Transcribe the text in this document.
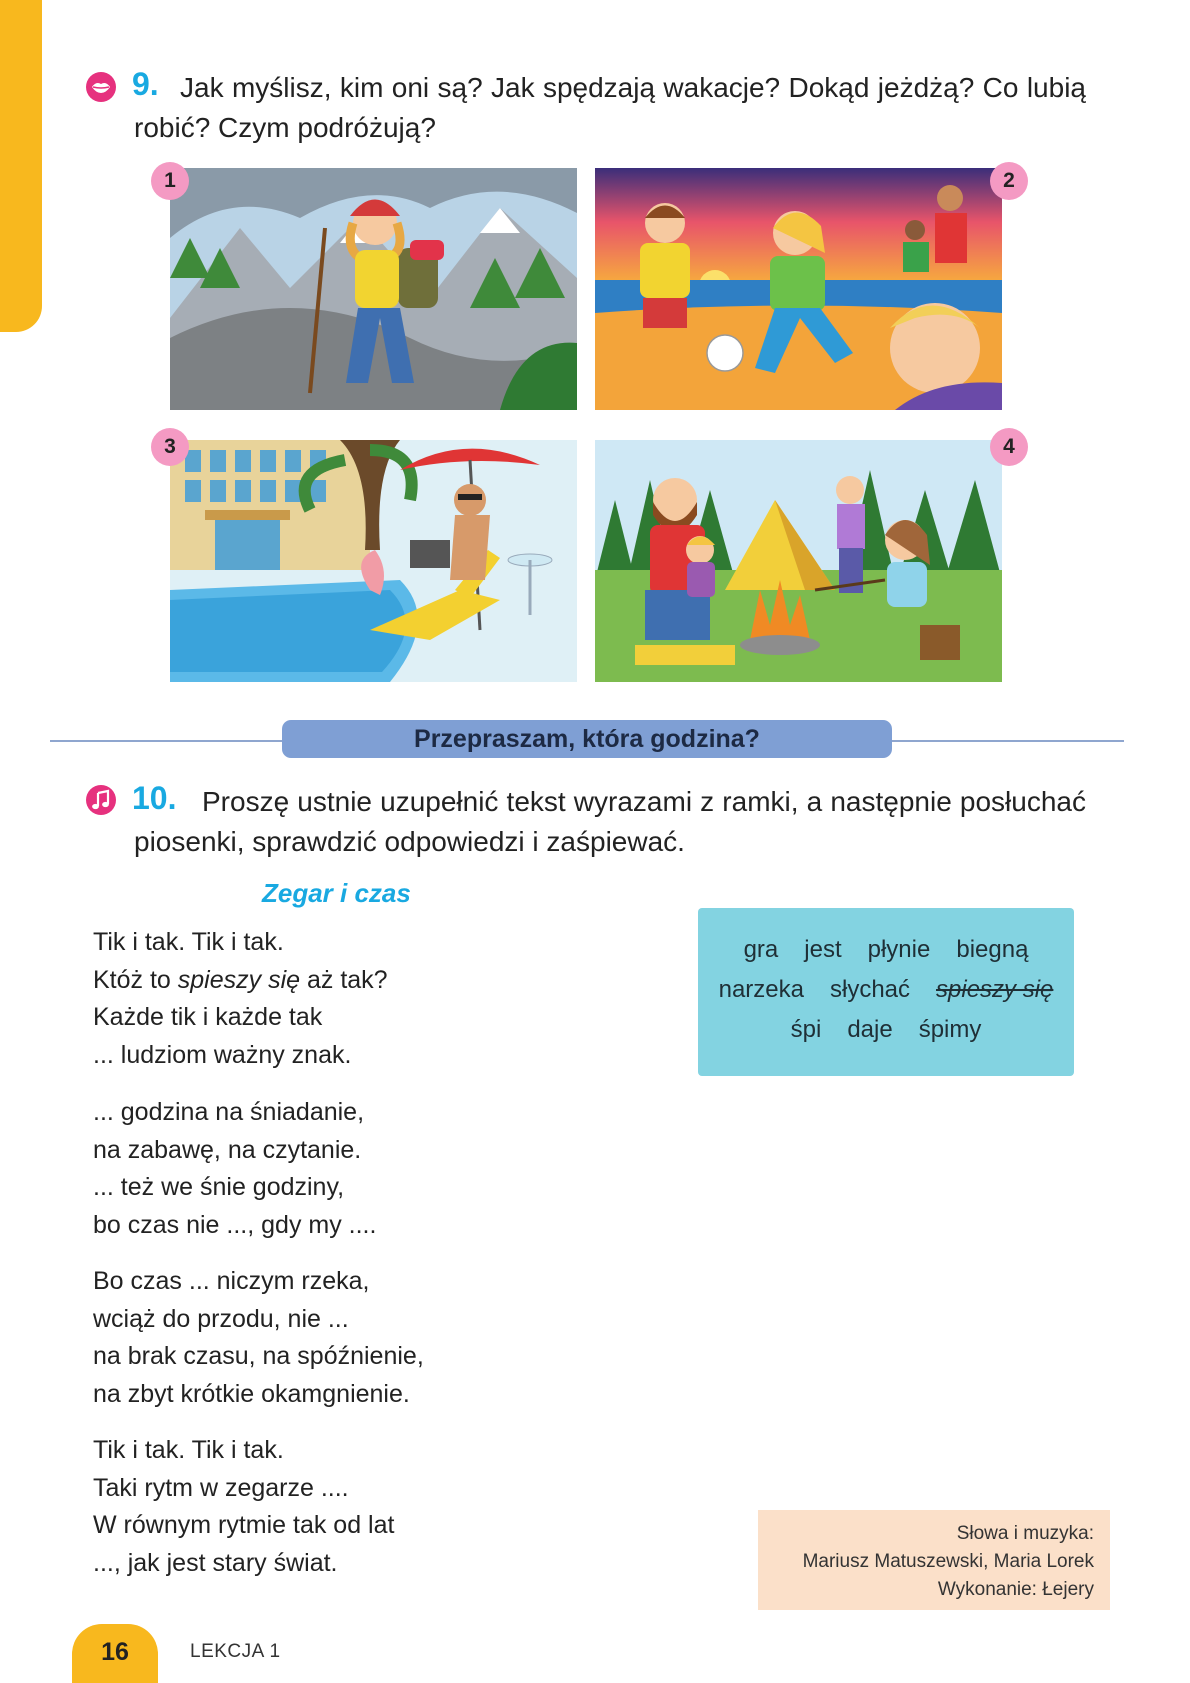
9. Jak myślisz, kim oni są? Jak spędzają wakacje? Dokąd jeżdżą? Co lubią robić? Czym podróżują?
1	2
3	4
Przepraszam, która godzina?
10. Proszę ustnie uzupełnić tekst wyrazami z ramki, a następnie posłuchać piosenki, sprawdzić odpowiedzi i zaśpiewać.
Zegar i czas
Tik i tak. Tik i tak.
Któż to spieszy się aż tak?
Każde tik i każde tak
... ludziom ważny znak.
... godzina na śniadanie,
na zabawę, na czytanie.
... też we śnie godziny,
bo czas nie ..., gdy my ....
Bo czas ... niczym rzeka,
wciąż do przodu, nie ...
na brak czasu, na spóźnienie,
na zbyt krótkie okamgnienie.
Tik i tak. Tik i tak.
Taki rytm w zegarze ....
W równym rytmie tak od lat
..., jak jest stary świat.
gra jest płynie biegną
narzeka słychać spieszy się
śpi daje śpimy
Słowa i muzyka:
Mariusz Matuszewski, Maria Lorek
Wykonanie: Łejery
16	LEKCJA 1
